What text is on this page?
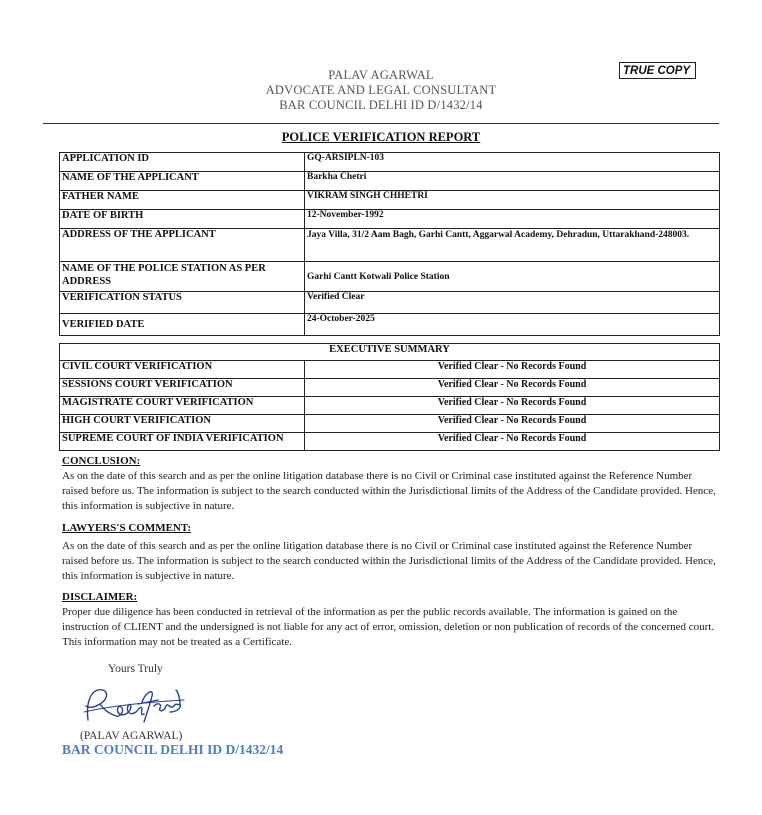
PALAV AGARWAL
ADVOCATE AND LEGAL CONSULTANT
BAR COUNCIL DELHI ID D/1432/14
TRUE COPY
POLICE VERIFICATION REPORT
APPLICATION ID	GQ-ARSIPLN-103
NAME OF THE APPLICANT	Barkha Chetri
FATHER NAME	VIKRAM SINGH CHHETRI
DATE OF BIRTH	12-November-1992
ADDRESS OF THE APPLICANT	Jaya Villa, 31/2 Aam Bagh, Garhi Cantt, Aggarwal Academy, Dehradun, Uttarakhand-248003.
NAME OF THE POLICE STATION AS PER ADDRESS	Garhi Cantt Kotwali Police Station
VERIFICATION STATUS	Verified Clear
VERIFIED DATE	24-October-2025
EXECUTIVE SUMMARY	
CIVIL COURT VERIFICATION	Verified Clear - No Records Found
SESSIONS COURT VERIFICATION	Verified Clear - No Records Found
MAGISTRATE COURT VERIFICATION	Verified Clear - No Records Found
HIGH COURT VERIFICATION	Verified Clear - No Records Found
SUPREME COURT OF INDIA VERIFICATION	Verified Clear - No Records Found
CONCLUSION:
As on the date of this search and as per the online litigation database there is no Civil or Criminal case instituted against the Reference Number raised before us. The information is subject to the search conducted within the Jurisdictional limits of the Address of the Candidate provided. Hence, this information is subjective in nature.
LAWYERS'S COMMENT:
As on the date of this search and as per the online litigation database there is no Civil or Criminal case instituted against the Reference Number raised before us. The information is subject to the search conducted within the Jurisdictional limits of the Address of the Candidate provided. Hence, this information is subjective in nature.
DISCLAIMER:
Proper due diligence has been conducted in retrieval of the information as per the public records available. The information is gained on the instruction of CLIENT and the undersigned is not liable for any act of error, omission, deletion or non publication of records of the concerned court. This information may not be treated as a Certificate.
Yours Truly
(PALAV AGARWAL)
BAR COUNCIL DELHI ID D/1432/14
